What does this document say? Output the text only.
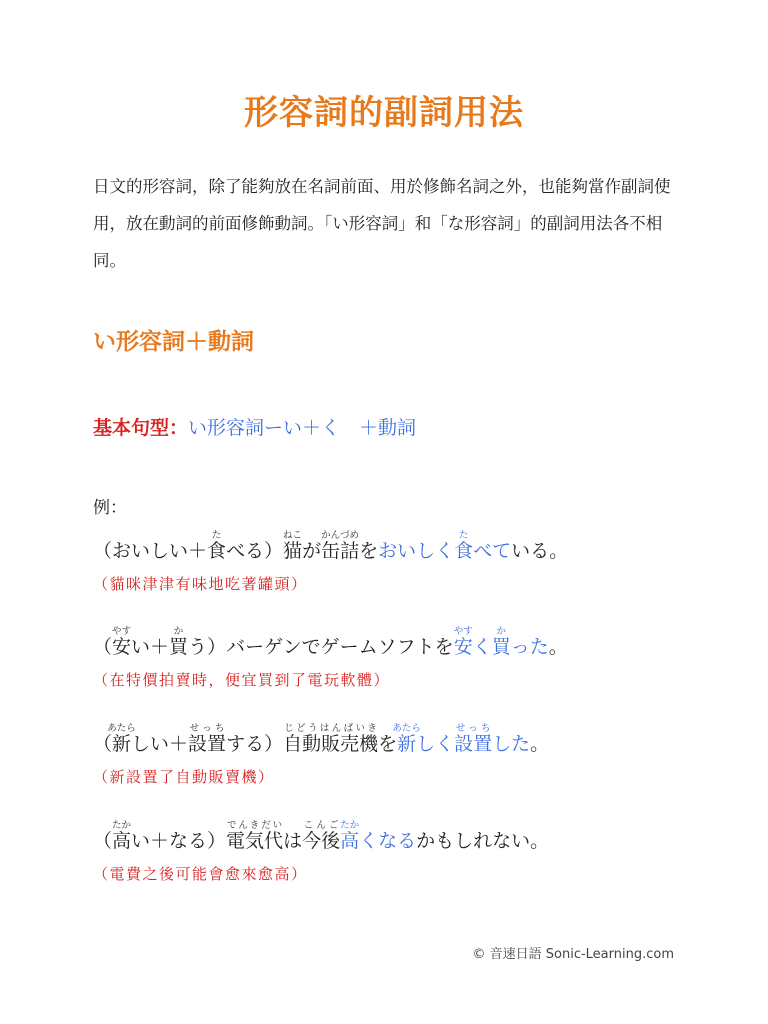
形容詞的副詞用法

日文的形容詞，除了能夠放在名詞前面、用於修飾名詞之外，也能夠當作副詞使用，放在動詞的前面修飾動詞。「い形容詞」和「な形容詞」的副詞用法各不相同。

い形容詞＋動詞

基本句型：い形容詞ーい＋く　＋動詞

例：

（おいしい＋食たべる）猫ねこが缶詰かんづめをおいしく食たべている。
（貓咪津津有味地吃著罐頭）
（安やすい＋買かう）バーゲンでゲームソフトを安やすく買かった。
（在特價拍賣時，便宜買到了電玩軟體）
（新あたらしい＋設置せっちする）自動販売機じどうはんばいきを新あたらしく設置せっちした。
（新設置了自動販賣機）
（高たかい＋なる）電気代でんきだいは今後こんご高たかくなるかもしれない。
（電費之後可能會愈來愈高）
© 音速日語 Sonic-Learning.com
